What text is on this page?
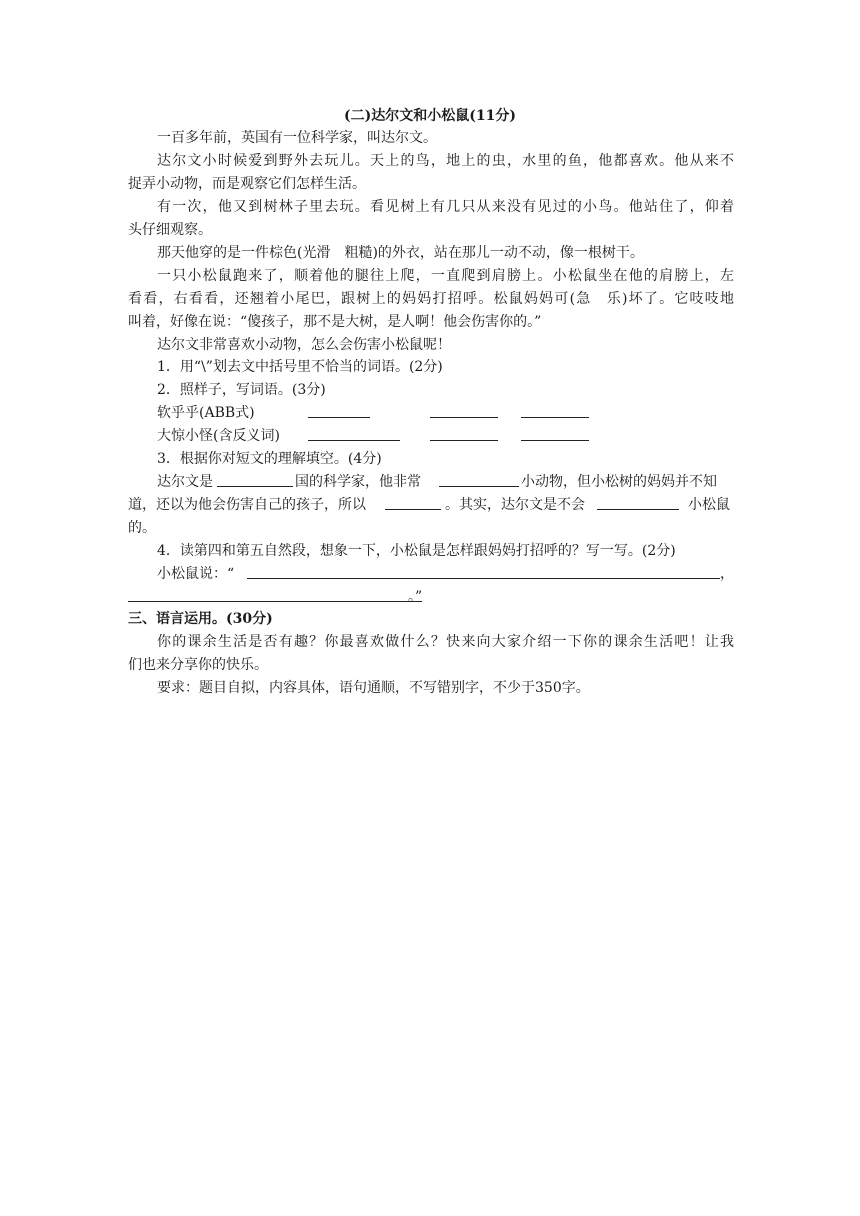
(二)达尔文和小松鼠(11分)
一百多年前，英国有一位科学家，叫达尔文。
达尔文小时候爱到野外去玩儿。天上的鸟，地上的虫，水里的鱼，他都喜欢。他从来不
捉弄小动物，而是观察它们怎样生活。
有一次，他又到树林子里去玩。看见树上有几只从来没有见过的小鸟。他站住了，仰着
头仔细观察。
那天他穿的是一件棕色(光滑　粗糙)的外衣，站在那儿一动不动，像一根树干。
一只小松鼠跑来了，顺着他的腿往上爬，一直爬到肩膀上。小松鼠坐在他的肩膀上，左
看看，右看看，还翘着小尾巴，跟树上的妈妈打招呼。松鼠妈妈可(急　乐)坏了。它吱吱地
叫着，好像在说：“傻孩子，那不是大树，是人啊！他会伤害你的。”
达尔文非常喜欢小动物，怎么会伤害小松鼠呢！
1．用“\”划去文中括号里不恰当的词语。(2分)
2．照样子，写词语。(3分)
软乎乎(ABB式)
大惊小怪(含反义词)
3．根据你对短文的理解填空。(4分)
达尔文是	国的科学家，他非常	小动物，但小松树的妈妈并不知
道，还以为他会伤害自己的孩子，所以	。其实，达尔文是不会	小松鼠
的。
4．读第四和第五自然段，想象一下，小松鼠是怎样跟妈妈打招呼的？写一写。(2分)
小松鼠说：“	，
。”
三、语言运用。(30分)
你的课余生活是否有趣？你最喜欢做什么？快来向大家介绍一下你的课余生活吧！让我
们也来分享你的快乐。
要求：题目自拟，内容具体，语句通顺，不写错别字，不少于350字。
